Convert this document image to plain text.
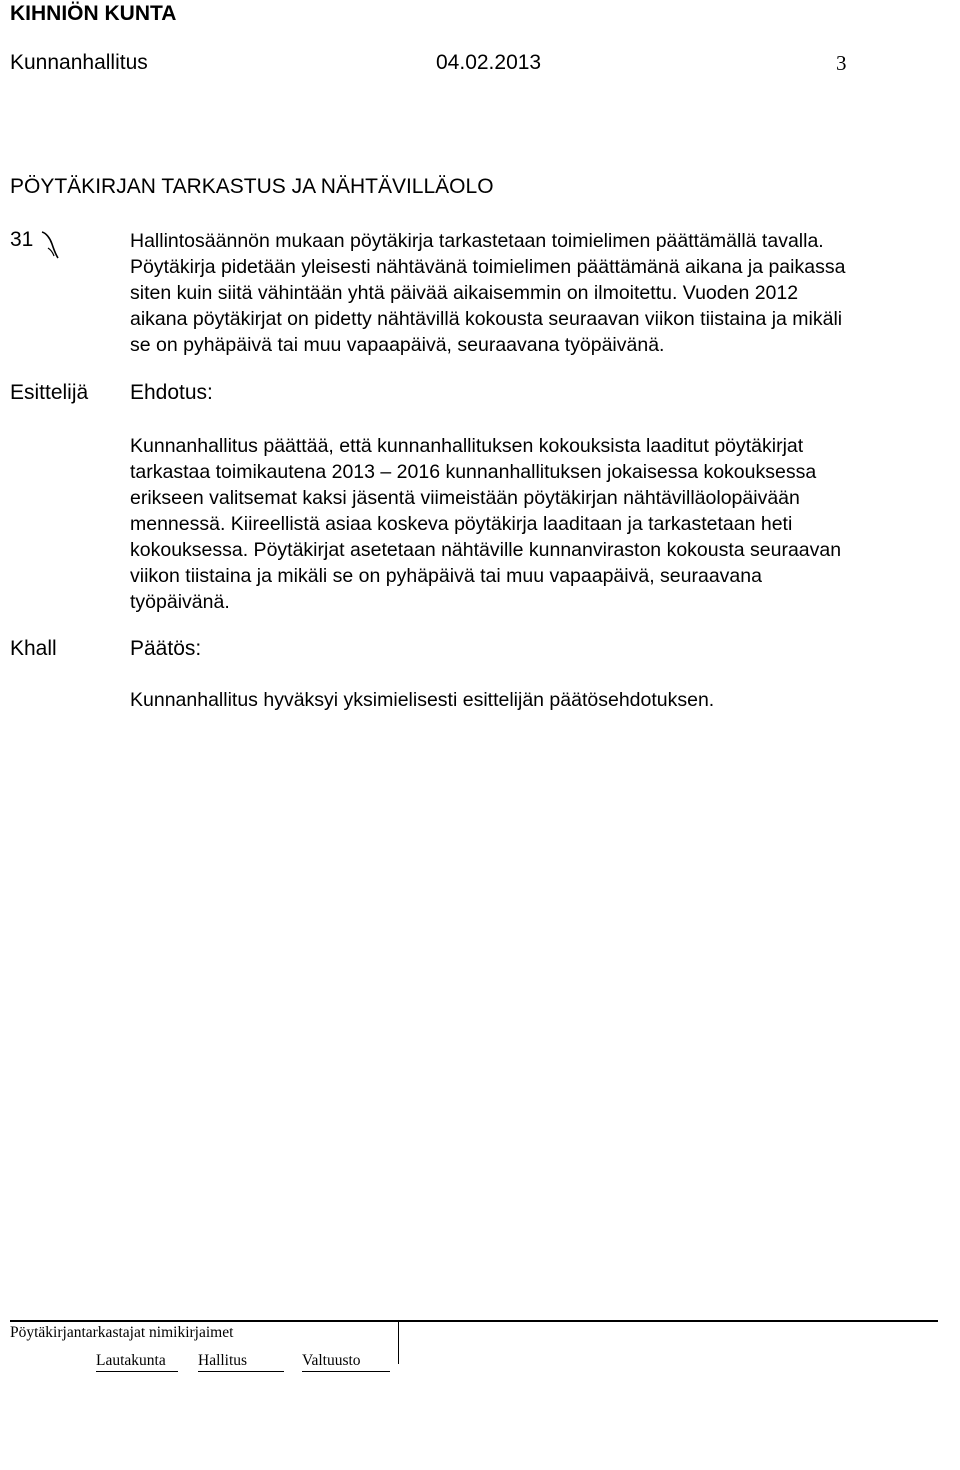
KIHNIÖN KUNTA
Kunnanhallitus	04.02.2013	3
PÖYTÄKIRJAN TARKASTUS JA NÄHTÄVILLÄOLO
31	Hallintosäännön mukaan pöytäkirja tarkastetaan toimielimen päättämällä tavalla.
Pöytäkirja pidetään yleisesti nähtävänä toimielimen päättämänä aikana ja paikassa
siten kuin siitä vähintään yhtä päivää aikaisemmin on ilmoitettu. Vuoden 2012
aikana pöytäkirjat on pidetty nähtävillä kokousta seuraavan viikon tiistaina ja mikäli
se on pyhäpäivä tai muu vapaapäivä, seuraavana työpäivänä.
Esittelijä Ehdotus:
Kunnanhallitus päättää, että kunnanhallituksen kokouksista laaditut pöytäkirjat
tarkastaa toimikautena 2013 – 2016 kunnanhallituksen jokaisessa kokouksessa
erikseen valitsemat kaksi jäsentä viimeistään pöytäkirjan nähtävilläolopäivään
mennessä. Kiireellistä asiaa koskeva pöytäkirja laaditaan ja tarkastetaan heti
kokouksessa. Pöytäkirjat asetetaan nähtäville kunnanviraston kokousta seuraavan
viikon tiistaina ja mikäli se on pyhäpäivä tai muu vapaapäivä, seuraavana
työpäivänä.
Khall	Päätös:
Kunnanhallitus hyväksyi yksimielisesti esittelijän päätösehdotuksen.
Pöytäkirjantarkastajat nimikirjaimet
Lautakunta Hallitus	Valtuusto
